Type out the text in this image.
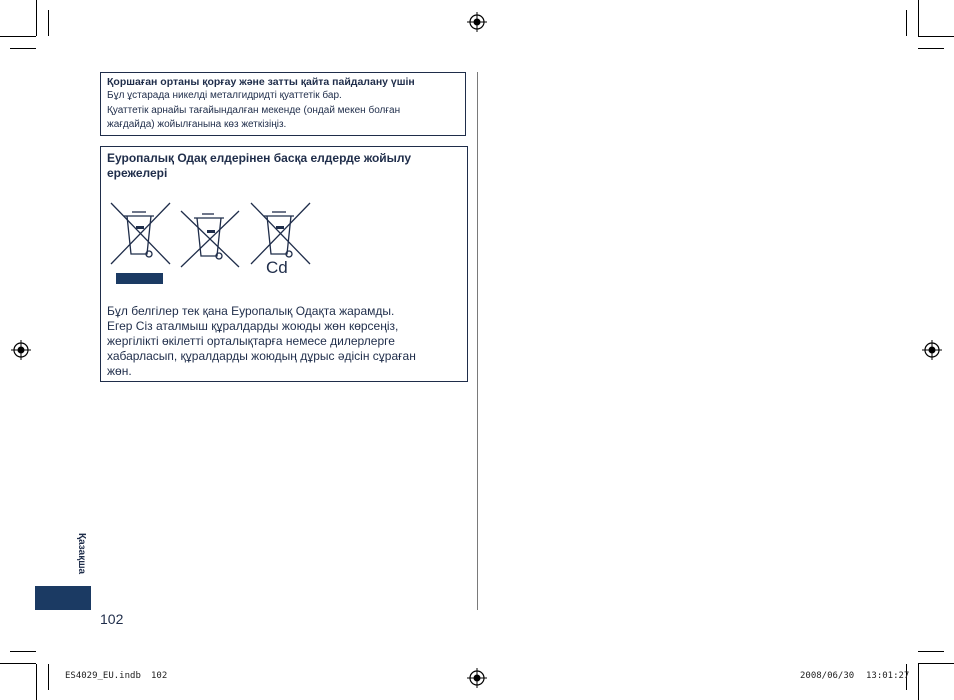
Қоршаған ортаны қорғау және затты қайта пайдалану үшін
Бұл ұстарада никелді металгидридті қуаттетік бар.
Қуаттетік арнайы тағайындалған мекенде (ондай мекен болған
жағдайда) жойылғанына көз жеткізіңіз.
Еуропалық Одақ елдерінен басқа елдерде жойылу ережелері
Бұл белгілер тек қана Еуропалық Одақта жарамды.
Егер Сіз аталмыш құралдарды жоюды жөн көрсеңіз,
жергілікті өкілетті орталықтарға немесе дилерлерге
хабарласып, құралдарды жоюдың дұрыс әдісін сұраған
жөн.
Cd
Қазақша
102
ES4029_EU.indb 102	2008/06/30 13:01:27
